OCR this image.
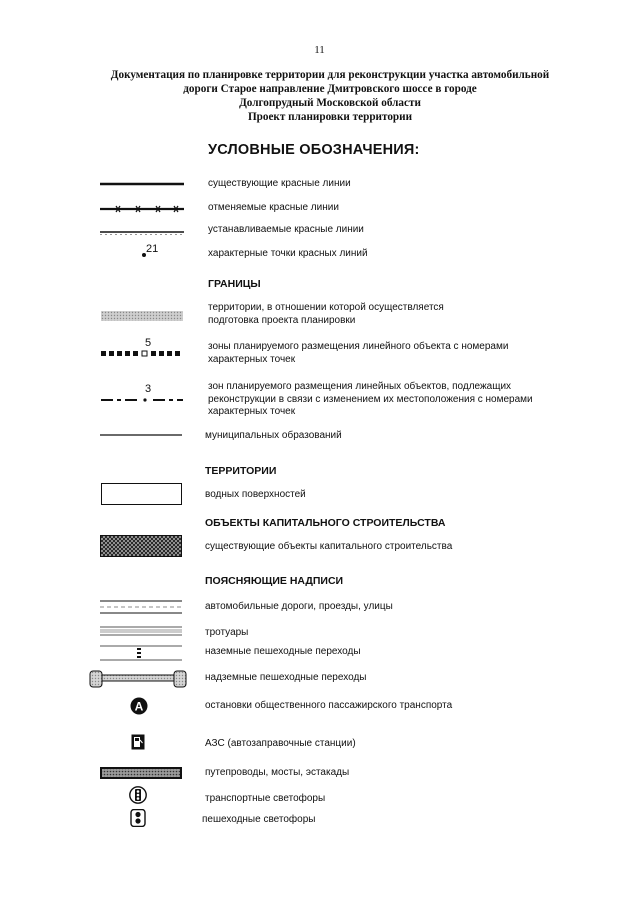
11
Документация по планировке территории для реконструкции участка автомобильной
дороги Старое направление Дмитровского шоссе в городе
Долгопрудный Московской области
Проект планировки территории
УСЛОВНЫЕ ОБОЗНАЧЕНИЯ:
существующие красные линии
отменяемые красные линии
устанавливаемые красные линии
21	характерные точки красных линий
ГРАНИЦЫ
территории, в отношении которой осуществляется
подготовка проекта планировки
5	зоны планируемого размещения линейного объекта с номерами
характерных точек
3	зон планируемого размещения линейных объектов, подлежащих
реконструкции в связи с изменением их местоположения с номерами
характерных точек
муниципальных образований
ТЕРРИТОРИИ
водных поверхностей
ОБЪЕКТЫ КАПИТАЛЬНОГО СТРОИТЕЛЬСТВА
существующие объекты капитального строительства
ПОЯСНЯЮЩИЕ НАДПИСИ
автомобильные дороги, проезды, улицы
тротуары
наземные пешеходные переходы
надземные пешеходные переходы
A	остановки общественного пассажирского транспорта
АЗС (автозаправочные станции)
путепроводы, мосты, эстакады
транспортные светофоры
пешеходные светофоры
